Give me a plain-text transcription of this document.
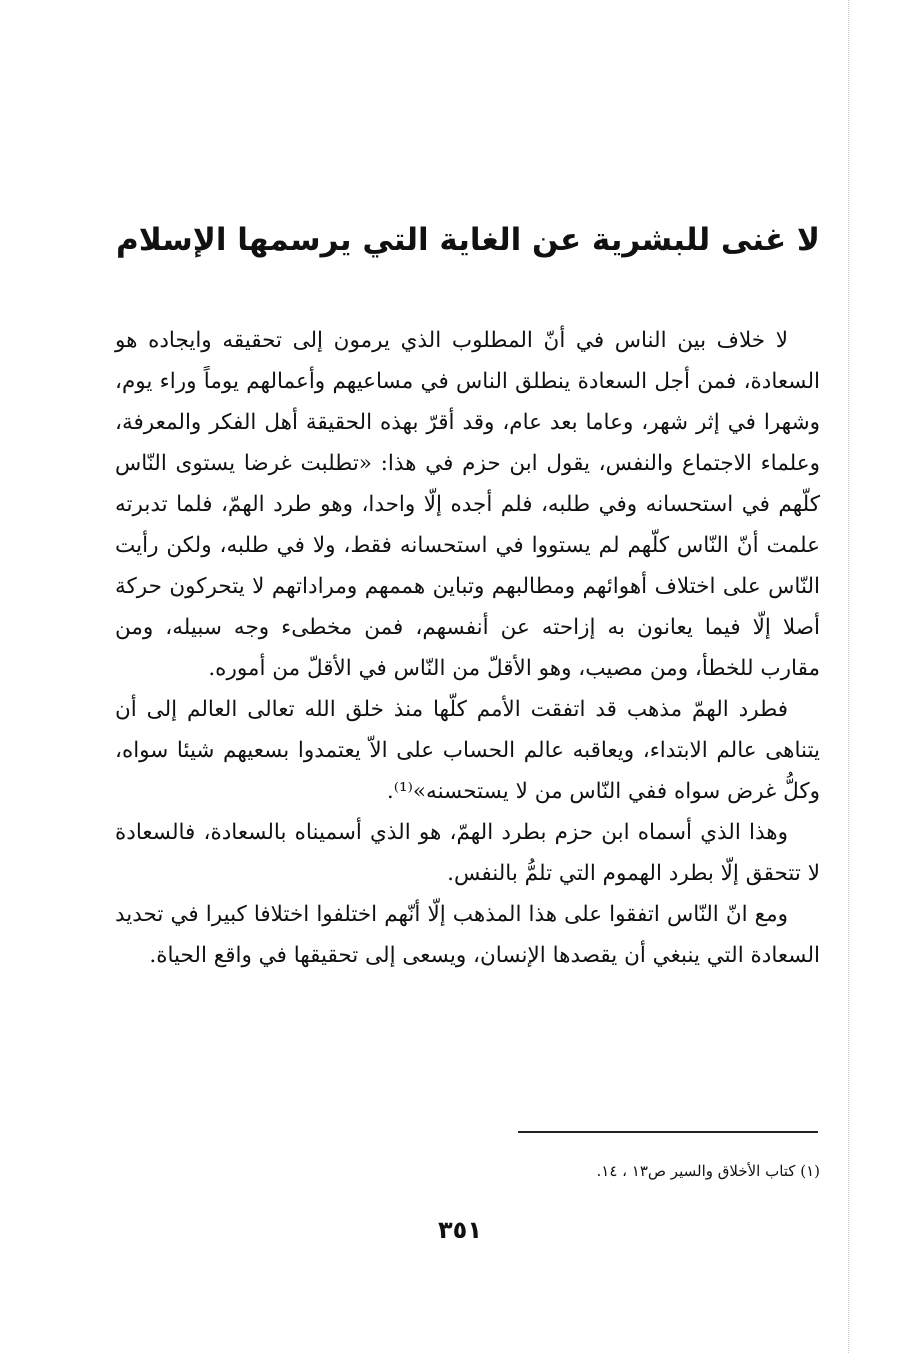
لا غنى للبشرية عن الغاية التي يرسمها الإسلام

لا خلاف بين الناس في أنّ المطلوب الذي يرمون إلى تحقيقه وايجاده هو السعادة، فمن أجل السعادة ينطلق الناس في مساعيهم وأعمالهم يوماً وراء يوم، وشهرا في إثر شهر، وعاما بعد عام، وقد أقرّ بهذه الحقيقة أهل الفكر والمعرفة، وعلماء الاجتماع والنفس، يقول ابن حزم في هذا: «تطلبت غرضا يستوى النّاس كلّهم في استحسانه وفي طلبه، فلم أجده إلّا واحدا، وهو طرد الهمّ، فلما تدبرته علمت أنّ النّاس كلّهم لم يستووا في استحسانه فقط، ولا في طلبه، ولكن رأيت النّاس على اختلاف أهوائهم ومطالبهم وتباين هممهم ومراداتهم لا يتحركون حركة أصلا إلّا فيما يعانون به إزاحته عن أنفسهم، فمن مخطىء وجه سبيله، ومن مقارب للخطأ، ومن مصيب، وهو الأقلّ من النّاس في الأقلّ من أموره.

فطرد الهمّ مذهب قد اتفقت الأمم كلّها منذ خلق الله تعالى العالم إلى أن يتناهى عالم الابتداء، ويعاقبه عالم الحساب على الاّ يعتمدوا بسعيهم شيئا سواه، وكلُّ غرض سواه ففي النّاس من لا يستحسنه»⁽¹⁾.

وهذا الذي أسماه ابن حزم بطرد الهمّ، هو الذي أسميناه بالسعادة، فالسعادة لا تتحقق إلّا بطرد الهموم التي تلمُّ بالنفس.

ومع انّ النّاس اتفقوا على هذا المذهب إلّا أنّهم اختلفوا اختلافا كبيرا في تحديد السعادة التي ينبغي أن يقصدها الإنسان، ويسعى إلى تحقيقها في واقع الحياة.

(١) كتاب الأخلاق والسير ص١٣ ، ١٤.
٣٥١
